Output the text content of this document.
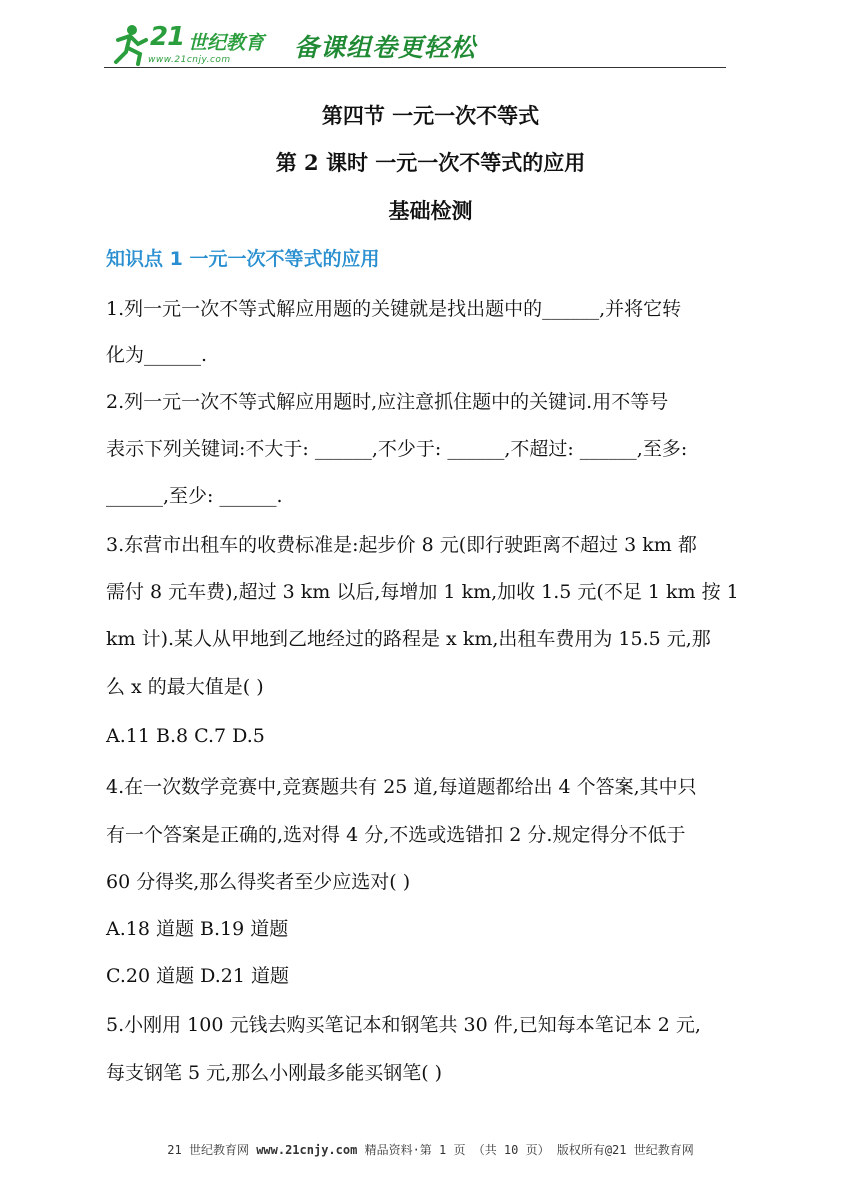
21 世纪教育
www.21cnjy.com	备课组卷更轻松
第四节 一元一次不等式
第 2 课时 一元一次不等式的应用
基础检测
知识点 1 一元一次不等式的应用
1.列一元一次不等式解应用题的关键就是找出题中的______,并将它转
化为______.
2.列一元一次不等式解应用题时,应注意抓住题中的关键词.用不等号
表示下列关键词:不大于: ______,不少于: ______,不超过: ______,至多:
______,至少: ______.
3.东营市出租车的收费标准是:起步价 8 元(即行驶距离不超过 3 km 都
需付 8 元车费),超过 3 km 以后,每增加 1 km,加收 1.5 元(不足 1 km 按 1
km 计).某人从甲地到乙地经过的路程是 x km,出租车费用为 15.5 元,那
么 x 的最大值是( )
A.11 B.8 C.7 D.5
4.在一次数学竞赛中,竞赛题共有 25 道,每道题都给出 4 个答案,其中只
有一个答案是正确的,选对得 4 分,不选或选错扣 2 分.规定得分不低于
60 分得奖,那么得奖者至少应选对( )
A.18 道题 B.19 道题
C.20 道题 D.21 道题
5.小刚用 100 元钱去购买笔记本和钢笔共 30 件,已知每本笔记本 2 元,
每支钢笔 5 元,那么小刚最多能买钢笔( )
21 世纪教育网 www.21cnjy.com 精品资料·第 1 页 （共 10 页） 版权所有@21 世纪教育网
